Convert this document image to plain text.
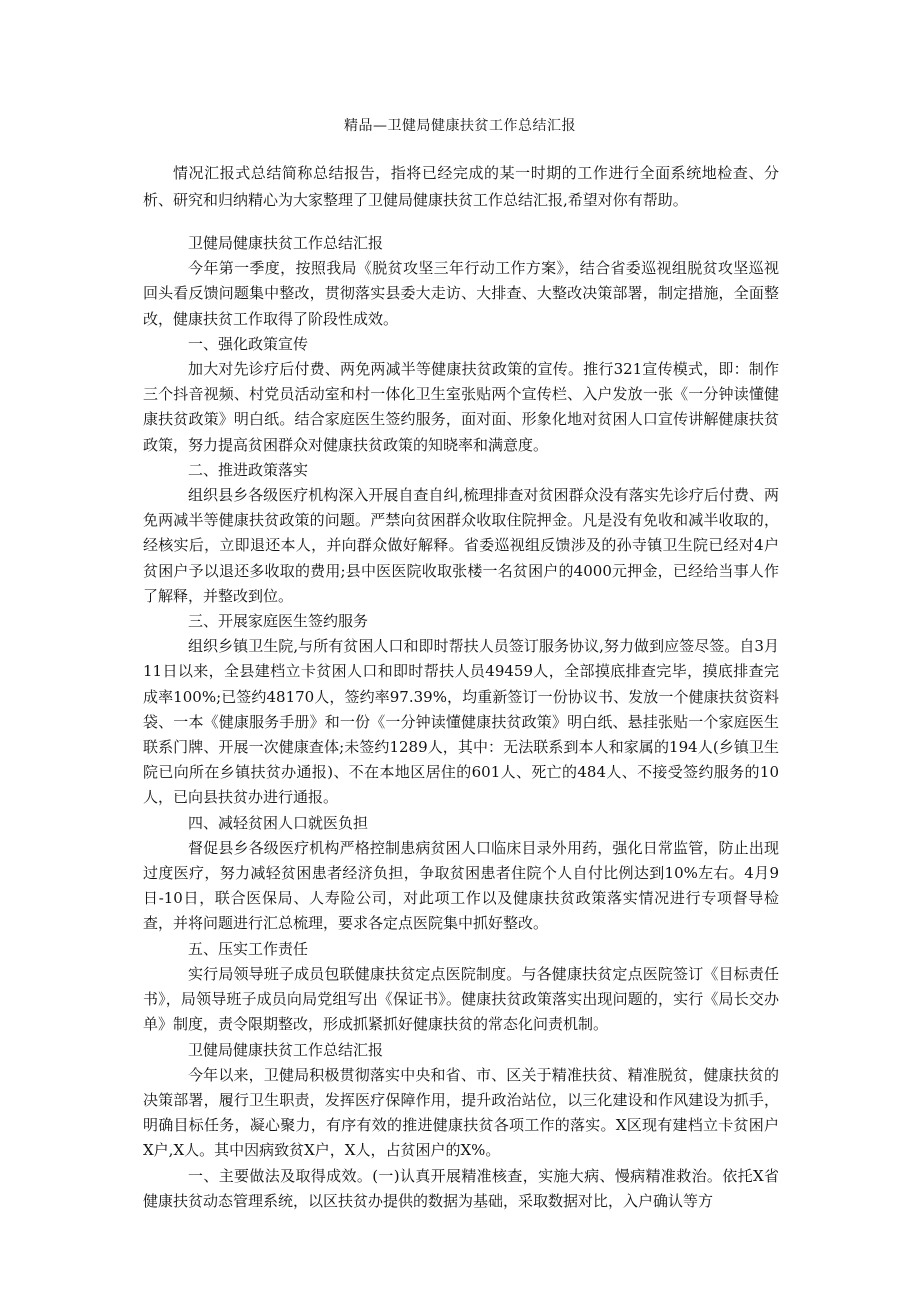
精品—卫健局健康扶贫工作总结汇报
情况汇报式总结简称总结报告，指将已经完成的某一时期的工作进行全面系统地检查、分析、研究和归纳精心为大家整理了卫健局健康扶贫工作总结汇报,希望对你有帮助。

卫健局健康扶贫工作总结汇报

今年第一季度，按照我局《脱贫攻坚三年行动工作方案》，结合省委巡视组脱贫攻坚巡视回头看反馈问题集中整改，贯彻落实县委大走访、大排查、大整改决策部署，制定措施，全面整改，健康扶贫工作取得了阶段性成效。

一、强化政策宣传

加大对先诊疗后付费、两免两减半等健康扶贫政策的宣传。推行321宣传模式，即：制作三个抖音视频、村党员活动室和村一体化卫生室张贴两个宣传栏、入户发放一张《一分钟读懂健康扶贫政策》明白纸。结合家庭医生签约服务，面对面、形象化地对贫困人口宣传讲解健康扶贫政策，努力提高贫困群众对健康扶贫政策的知晓率和满意度。

二、推进政策落实

组织县乡各级医疗机构深入开展自查自纠,梳理排查对贫困群众没有落实先诊疗后付费、两免两减半等健康扶贫政策的问题。严禁向贫困群众收取住院押金。凡是没有免收和减半收取的，经核实后，立即退还本人，并向群众做好解释。省委巡视组反馈涉及的孙寺镇卫生院已经对4户贫困户予以退还多收取的费用;县中医医院收取张楼一名贫困户的4000元押金，已经给当事人作了解释，并整改到位。

三、开展家庭医生签约服务

组织乡镇卫生院,与所有贫困人口和即时帮扶人员签订服务协议,努力做到应签尽签。自3月11日以来，全县建档立卡贫困人口和即时帮扶人员49459人，全部摸底排查完毕，摸底排查完成率100%;已签约48170人，签约率97.39%，均重新签订一份协议书、发放一个健康扶贫资料袋、一本《健康服务手册》和一份《一分钟读懂健康扶贫政策》明白纸、悬挂张贴一个家庭医生联系门牌、开展一次健康查体;未签约1289人，其中：无法联系到本人和家属的194人(乡镇卫生院已向所在乡镇扶贫办通报)、不在本地区居住的601人、死亡的484人、不接受签约服务的10人，已向县扶贫办进行通报。

四、减轻贫困人口就医负担

督促县乡各级医疗机构严格控制患病贫困人口临床目录外用药，强化日常监管，防止出现过度医疗，努力减轻贫困患者经济负担，争取贫困患者住院个人自付比例达到10%左右。4月9日-10日，联合医保局、人寿险公司，对此项工作以及健康扶贫政策落实情况进行专项督导检查，并将问题进行汇总梳理，要求各定点医院集中抓好整改。

五、压实工作责任

实行局领导班子成员包联健康扶贫定点医院制度。与各健康扶贫定点医院签订《目标责任书》，局领导班子成员向局党组写出《保证书》。健康扶贫政策落实出现问题的，实行《局长交办单》制度，责令限期整改，形成抓紧抓好健康扶贫的常态化问责机制。

卫健局健康扶贫工作总结汇报

今年以来，卫健局积极贯彻落实中央和省、市、区关于精准扶贫、精准脱贫，健康扶贫的决策部署，履行卫生职责，发挥医疗保障作用，提升政治站位，以三化建设和作风建设为抓手，明确目标任务，凝心聚力，有序有效的推进健康扶贫各项工作的落实。X区现有建档立卡贫困户X户,X人。其中因病致贫X户，X人，占贫困户的X%。

一、主要做法及取得成效。(一)认真开展精准核查，实施大病、慢病精准救治。依托X省健康扶贫动态管理系统，以区扶贫办提供的数据为基础，采取数据对比，入户确认等方
